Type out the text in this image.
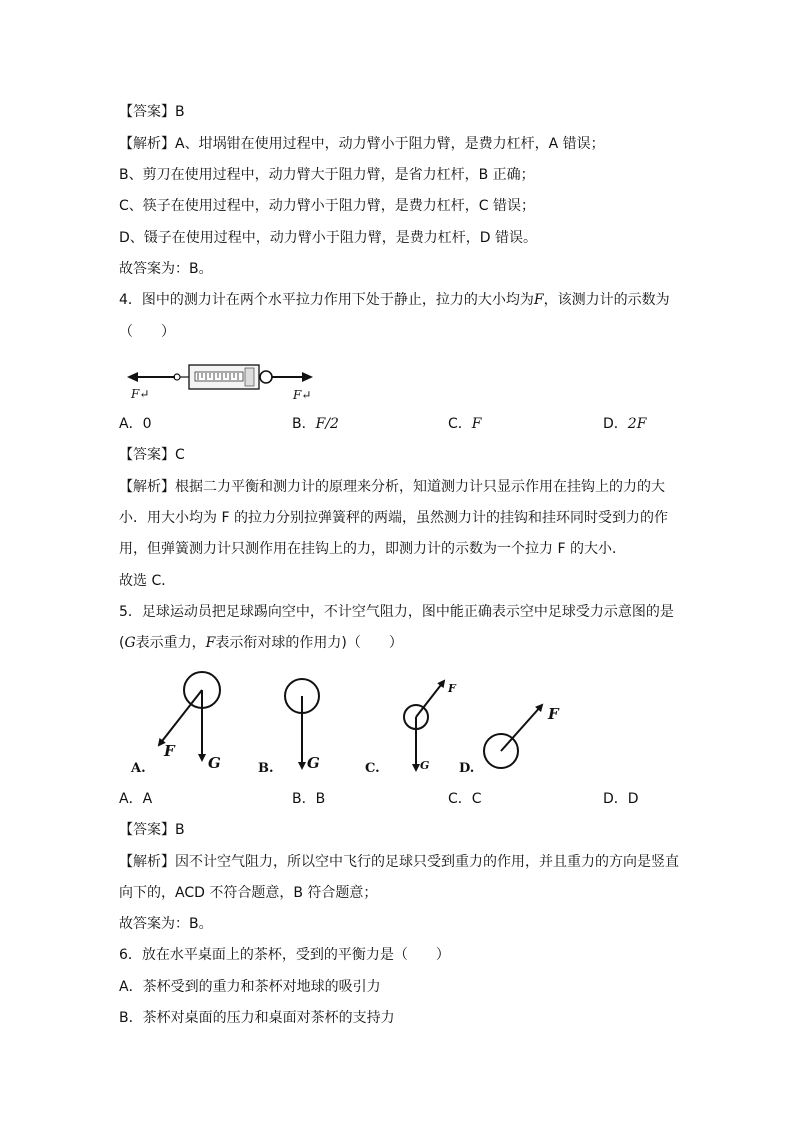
【答案】B
【解析】A、坩埚钳在使用过程中，动力臂小于阻力臂，是费力杠杆，A 错误；
B、剪刀在使用过程中，动力臂大于阻力臂，是省力杠杆，B 正确；
C、筷子在使用过程中，动力臂小于阻力臂，是费力杠杆，C 错误；
D、镊子在使用过程中，动力臂小于阻力臂，是费力杠杆，D 错误。
故答案为：B。
4．图中的测力计在两个水平拉力作用下处于静止，拉力的大小均为F，该测力计的示数为
（　　）
F↵	F↵
A．0	B．F/2	C．F	D．2F
【答案】C
【解析】根据二力平衡和测力计的原理来分析，知道测力计只显示作用在挂钩上的力的大
小．用大小均为 F 的拉力分别拉弹簧秤的两端，虽然测力计的挂钩和挂环同时受到力的作
用，但弹簧测力计只测作用在挂钩上的力，即测力计的示数为一个拉力 F 的大小．
故选 C．
5．足球运动员把足球踢向空中，不计空气阻力，图中能正确表示空中足球受力示意图的是
(G表示重力，F表示衔对球的作用力)（　　）
F
G
A.	G
B.
F
G
C.
F
D.
A．A	B．B	C．C	D．D
【答案】B
【解析】因不计空气阻力，所以空中飞行的足球只受到重力的作用，并且重力的方向是竖直
向下的，ACD 不符合题意，B 符合题意；
故答案为：B。
6．放在水平桌面上的茶杯，受到的平衡力是（　　）
A．茶杯受到的重力和茶杯对地球的吸引力
B．茶杯对桌面的压力和桌面对茶杯的支持力
